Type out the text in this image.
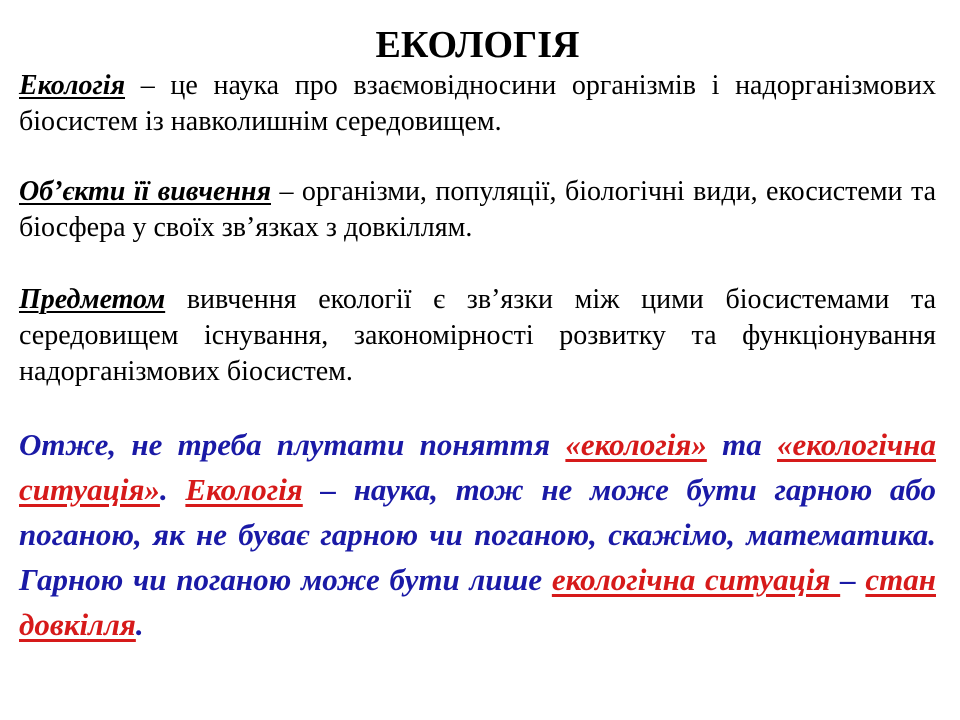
ЕКОЛОГІЯ

Екологія – це наука про взаємовідносини організмів і надорганізмових біосистем із навколишнім середовищем.

Об’єкти її вивчення – організми, популяції, біологічні види, екосистеми та біосфера у своїх зв’язках з довкіллям.

Предметом вивчення екології є зв’язки між цими біосистемами та середовищем існування, закономірності розвитку та функціонування надорганізмових біосистем.

Отже, не треба плутати поняття «екологія» та «екологічна ситуація». Екологія – наука, тож не може бути гарною або поганою, як не буває гарною чи поганою, скажімо, математика. Гарною чи поганою може бути лише екологічна ситуація – стан довкілля.
